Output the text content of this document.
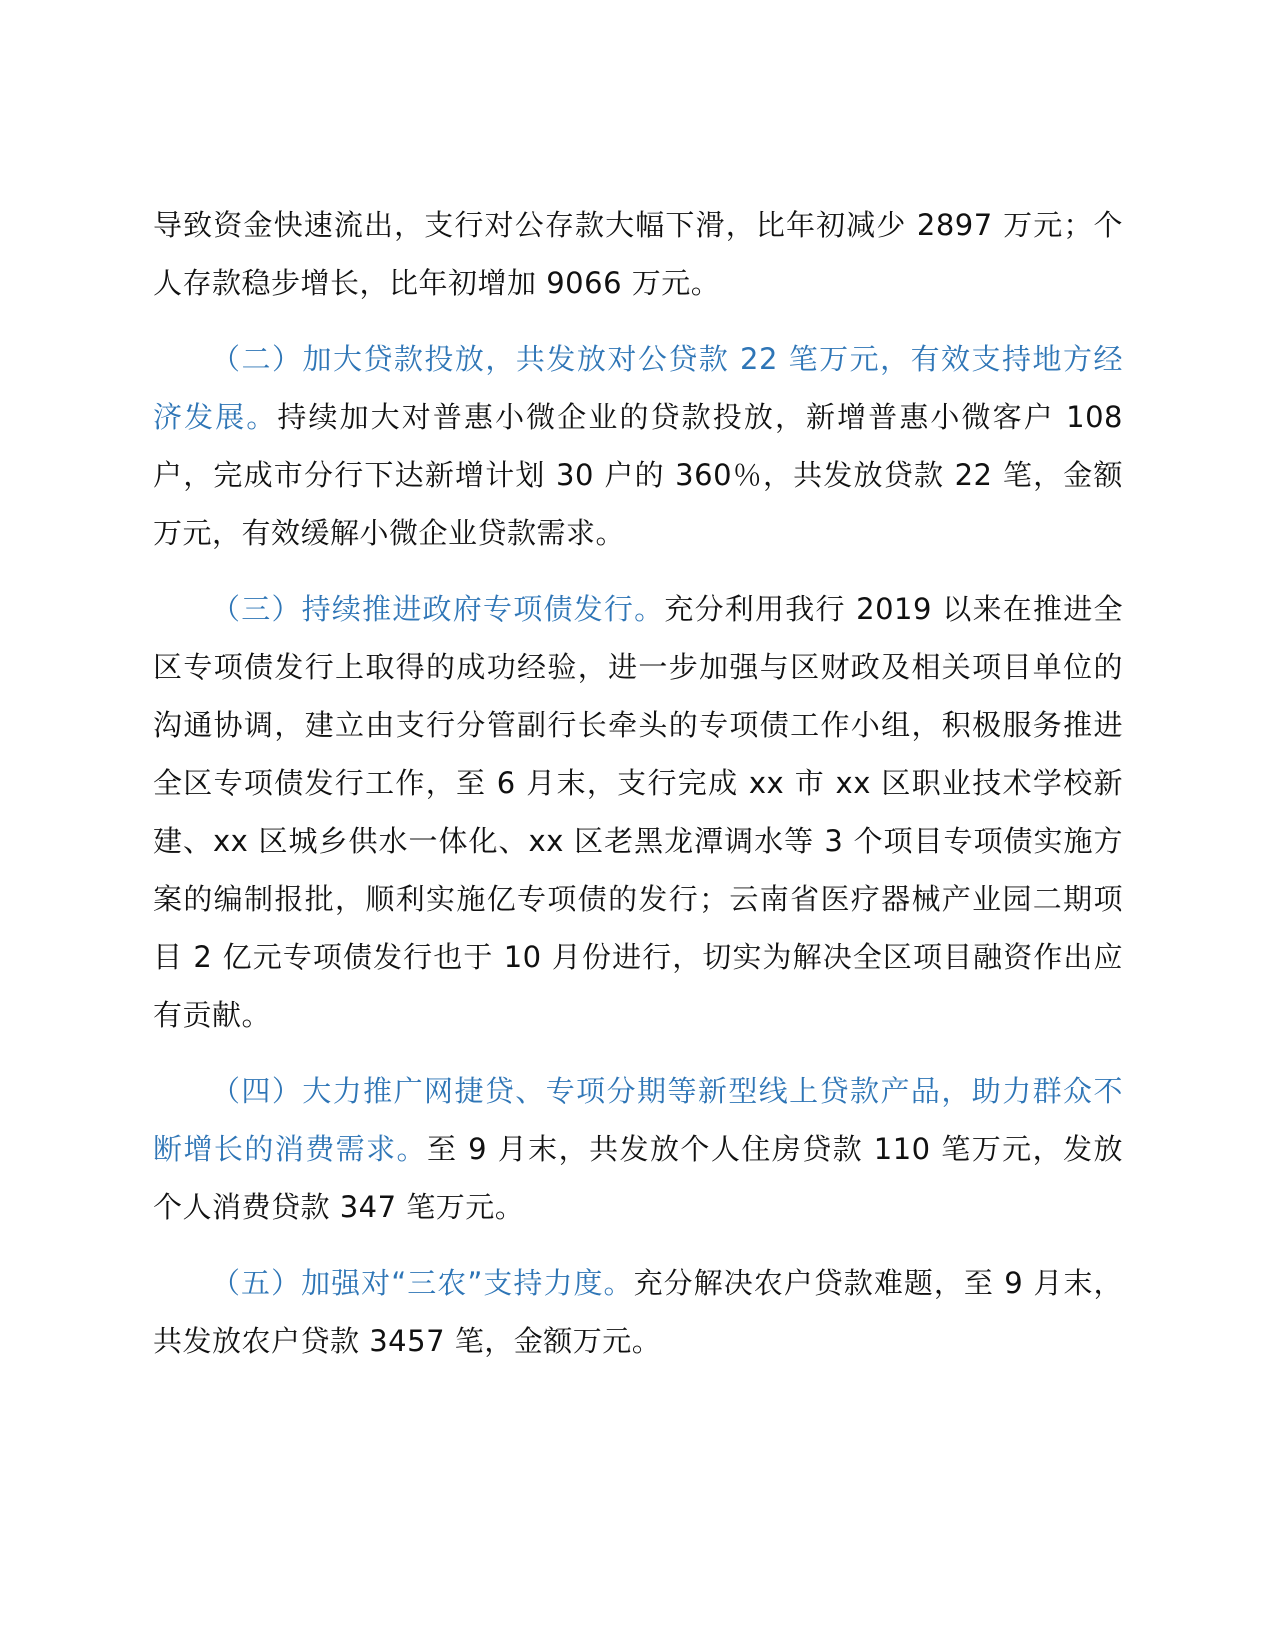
导致资金快速流出，支行对公存款大幅下滑，比年初减少 2897 万元；个人存款稳步增长，比年初增加 9066 万元。

（二）加大贷款投放，共发放对公贷款 22 笔万元，有效支持地方经济发展。持续加大对普惠小微企业的贷款投放，新增普惠小微客户 108 户，完成市分行下达新增计划 30 户的 360％，共发放贷款 22 笔，金额万元，有效缓解小微企业贷款需求。

（三）持续推进政府专项债发行。充分利用我行 2019 以来在推进全区专项债发行上取得的成功经验，进一步加强与区财政及相关项目单位的沟通协调，建立由支行分管副行长牵头的专项债工作小组，积极服务推进全区专项债发行工作，至 6 月末，支行完成 xx 市 xx 区职业技术学校新建、xx 区城乡供水一体化、xx 区老黑龙潭调水等 3 个项目专项债实施方案的编制报批，顺利实施亿专项债的发行；云南省医疗器械产业园二期项目 2 亿元专项债发行也于 10 月份进行，切实为解决全区项目融资作出应有贡献。

（四）大力推广网捷贷、专项分期等新型线上贷款产品，助力群众不断增长的消费需求。至 9 月末，共发放个人住房贷款 110 笔万元，发放个人消费贷款 347 笔万元。

（五）加强对“三农”支持力度。充分解决农户贷款难题，至 9 月末，共发放农户贷款 3457 笔，金额万元。
